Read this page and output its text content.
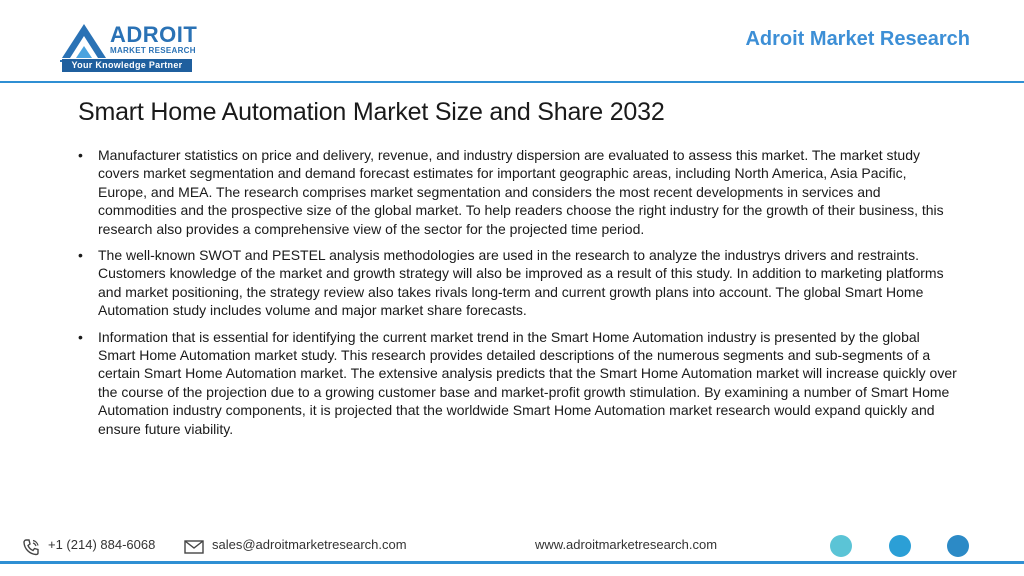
ADROIT
MARKET RESEARCH
Your Knowledge Partner
Adroit Market Research
Smart Home Automation Market Size and Share 2032
• Manufacturer statistics on price and delivery, revenue, and industry dispersion are evaluated to assess this market. The market study covers market segmentation and demand forecast estimates for important geographic areas, including North America, Asia Pacific, Europe, and MEA. The research comprises market segmentation and considers the most recent developments in services and commodities and the prospective size of the global market. To help readers choose the right industry for the growth of their business, this research also provides a comprehensive view of the sector for the projected time period.
• The well-known SWOT and PESTEL analysis methodologies are used in the research to analyze the industrys drivers and restraints. Customers knowledge of the market and growth strategy will also be improved as a result of this study. In addition to marketing platforms and market positioning, the strategy review also takes rivals long-term and current growth plans into account. The global Smart Home Automation study includes volume and major market share forecasts.
• Information that is essential for identifying the current market trend in the Smart Home Automation industry is presented by the global Smart Home Automation market study. This research provides detailed descriptions of the numerous segments and sub-segments of a certain Smart Home Automation market. The extensive analysis predicts that the Smart Home Automation market will increase quickly over the course of the projection due to a growing customer base and market-profit growth stimulation. By examining a number of Smart Home Automation industry components, it is projected that the worldwide Smart Home Automation market research would expand quickly and ensure future viability.
+1 (214) 884-6068	sales@adroitmarketresearch.com	www.adroitmarketresearch.com
